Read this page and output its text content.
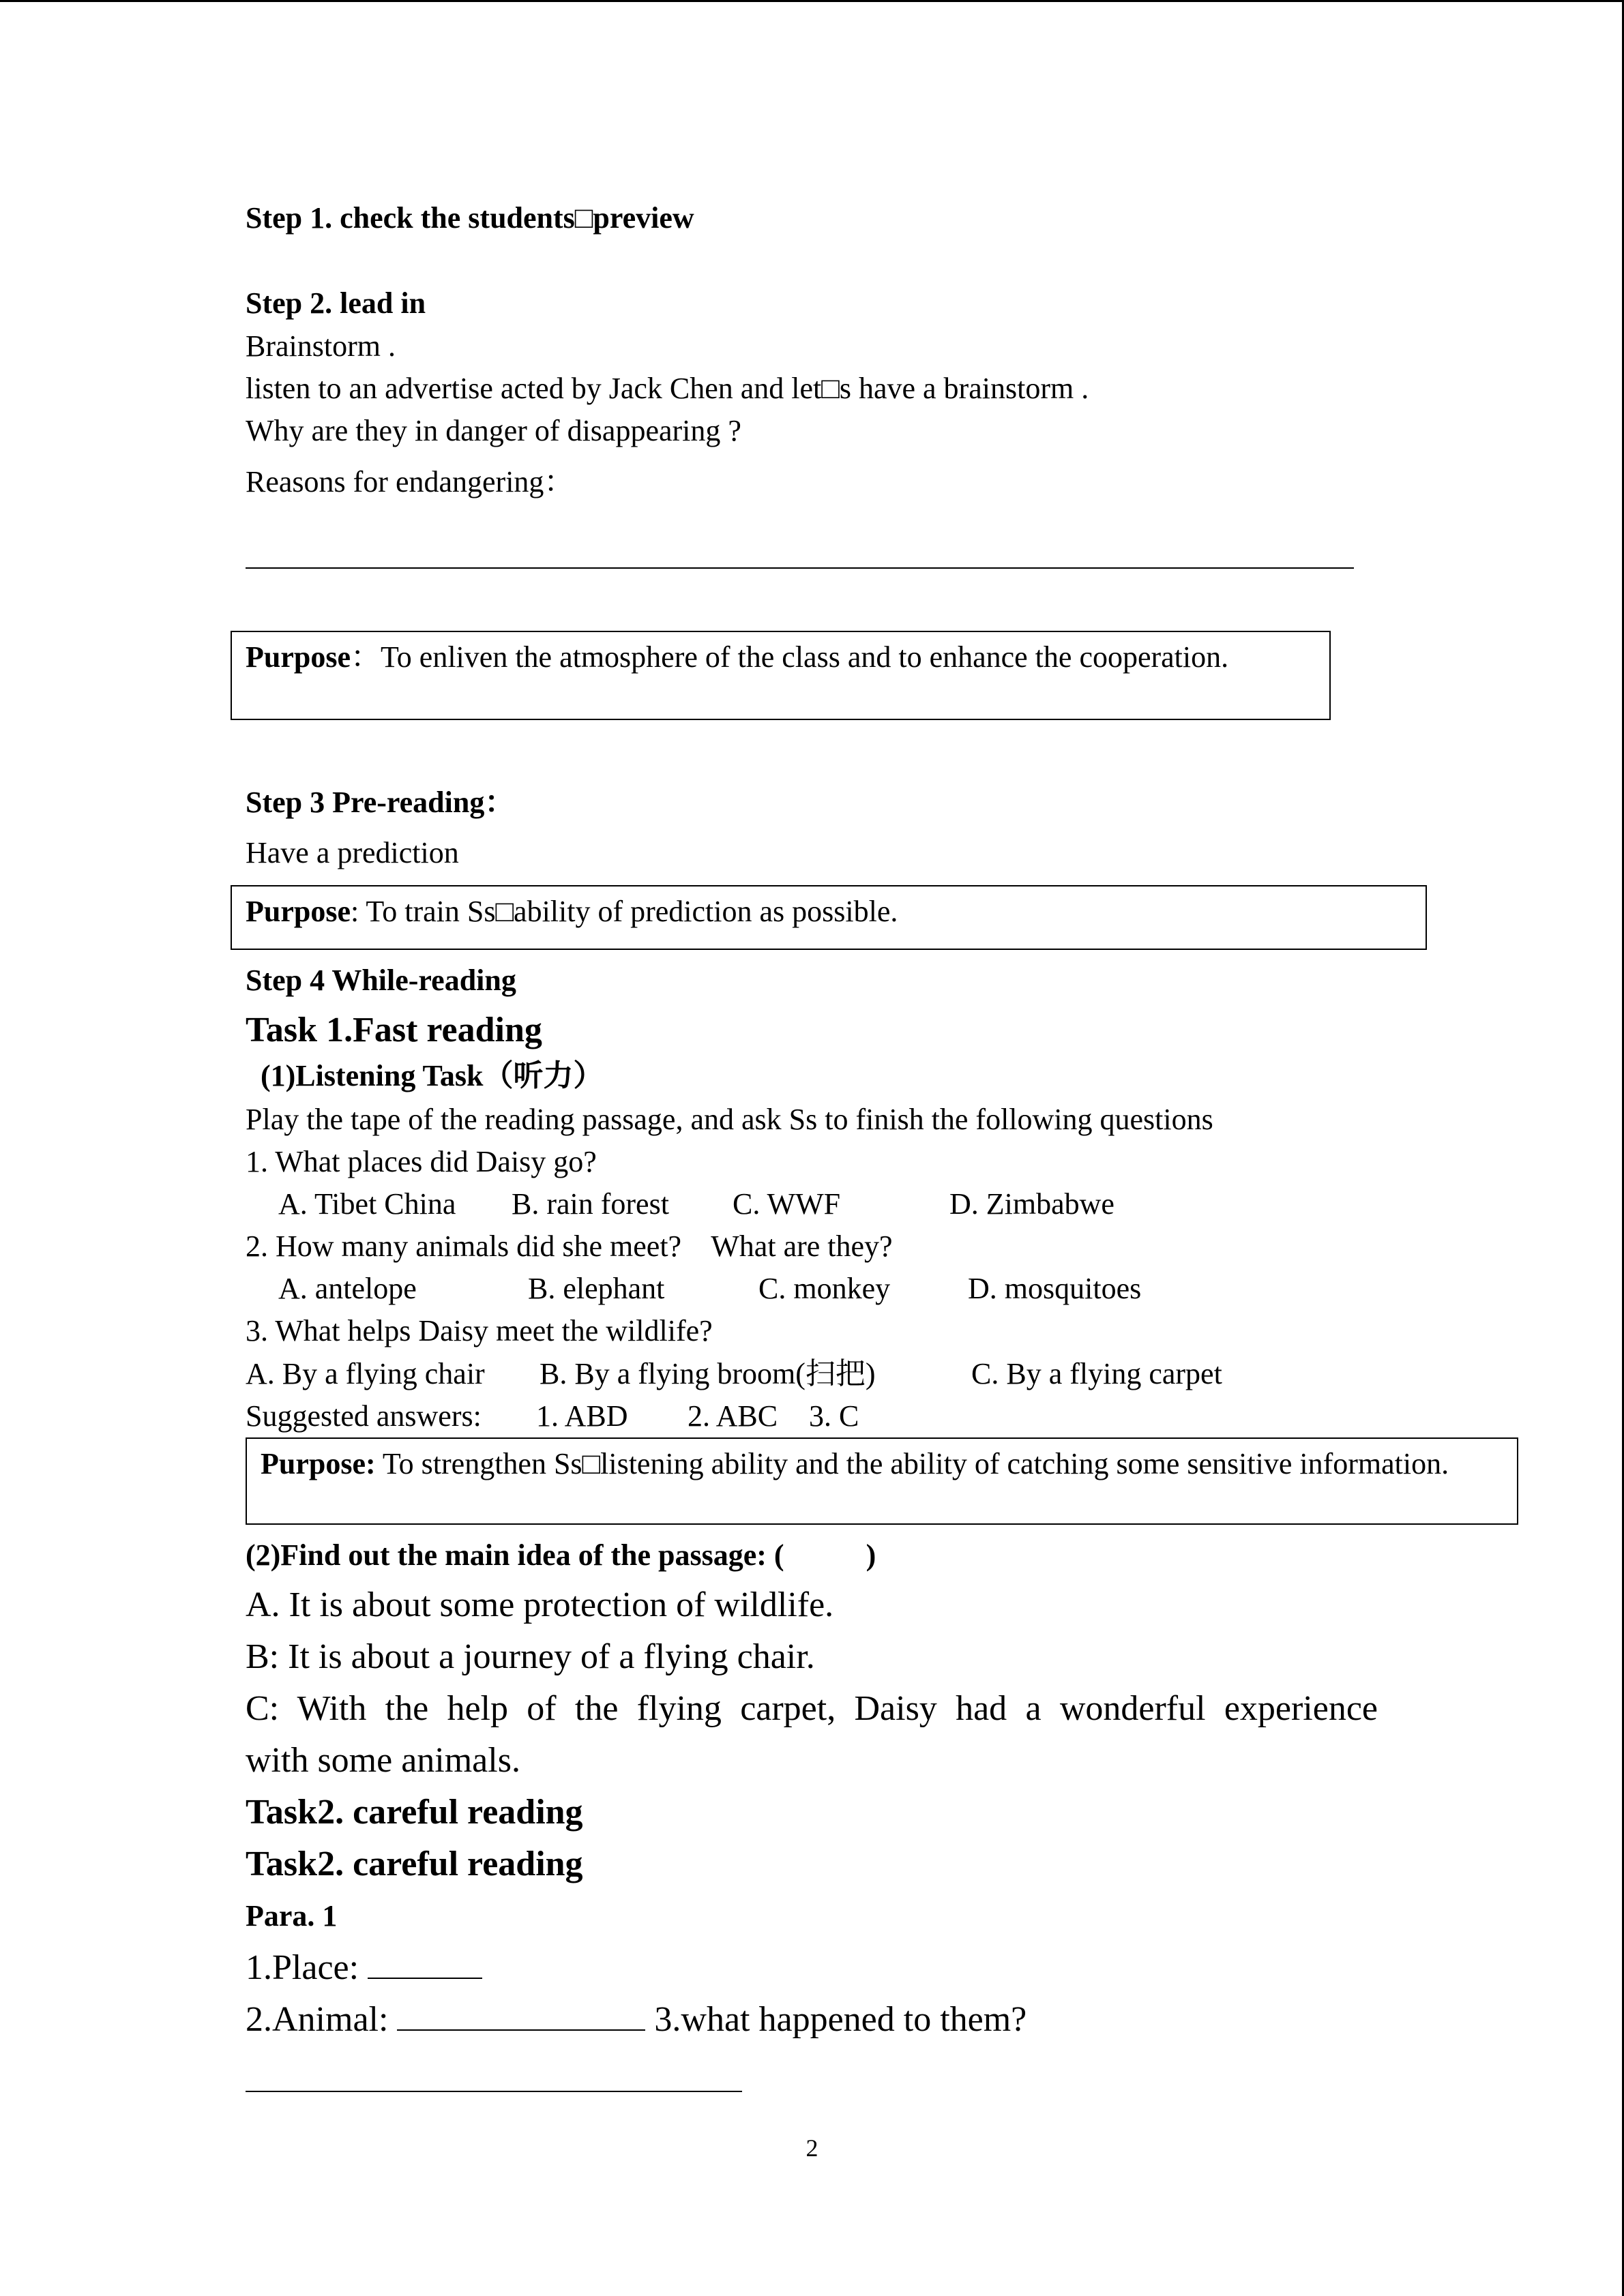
Step 1. check the students□preview
Step 2. lead in
Brainstorm .
listen to an advertise acted by Jack Chen and let□s have a brainstorm .
Why are they in danger of disappearing ?
Reasons for endangering：
Purpose：To enliven the atmosphere of the class and to enhance the cooperation.
Step 3 Pre-reading：
Have a prediction
Purpose: To train Ss□ability of prediction as possible.
Step 4 While-reading
Task 1.Fast reading
(1)Listening Task（听力）
Play the tape of the reading passage, and ask Ss to finish the following questions
1. What places did Daisy go?
A. Tibet China B. rain forest C. WWF	D. Zimbabwe
2. How many animals did she meet?    What are they?
A. antelope	B. elephant	C. monkey	D. mosquitoes
3. What helps Daisy meet the wildlife?
A. By a flying chair B. By a flying broom(扫把)	C. By a flying carpet
Suggested answers: 1. ABD 2. ABC 3. C
Purpose: To strengthen Ss□listening ability and the ability of catching some sensitive information.
(2)Find out the main idea of the passage: (	)
A. It is about some protection of wildlife.
B: It is about a journey of a flying chair.
C: With the help of the flying carpet, Daisy had a wonderful experience
with some animals.
Task2. careful reading
Task2. careful reading
Para. 1
1.Place:
2.Animal:	3.what happened to them?
2
